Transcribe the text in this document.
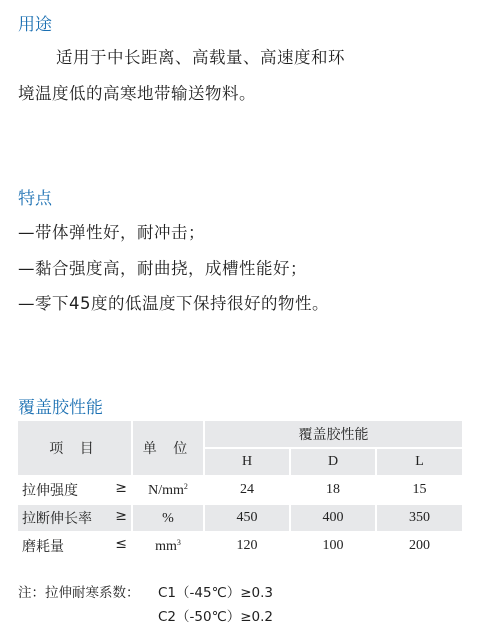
用途
适用于中长距离、高载量、高速度和环
境温度低的高寒地带输送物料。
特点
—带体弹性好，耐冲击；
—黏合强度高，耐曲挠，成槽性能好；
—零下45度的低温度下保持很好的物性。
覆盖胶性能
项 目	单 位	覆盖胶性能		
		H	D	L
拉伸强度 ≥	$N/mm^2$	24	18	15
拉断伸长率 ≥	%	450	400	350
磨耗量 ≤	$mm^3$	120	100	200
注：拉伸耐寒系数： C1（-45℃）≥0.3
C2（-50℃）≥0.2
